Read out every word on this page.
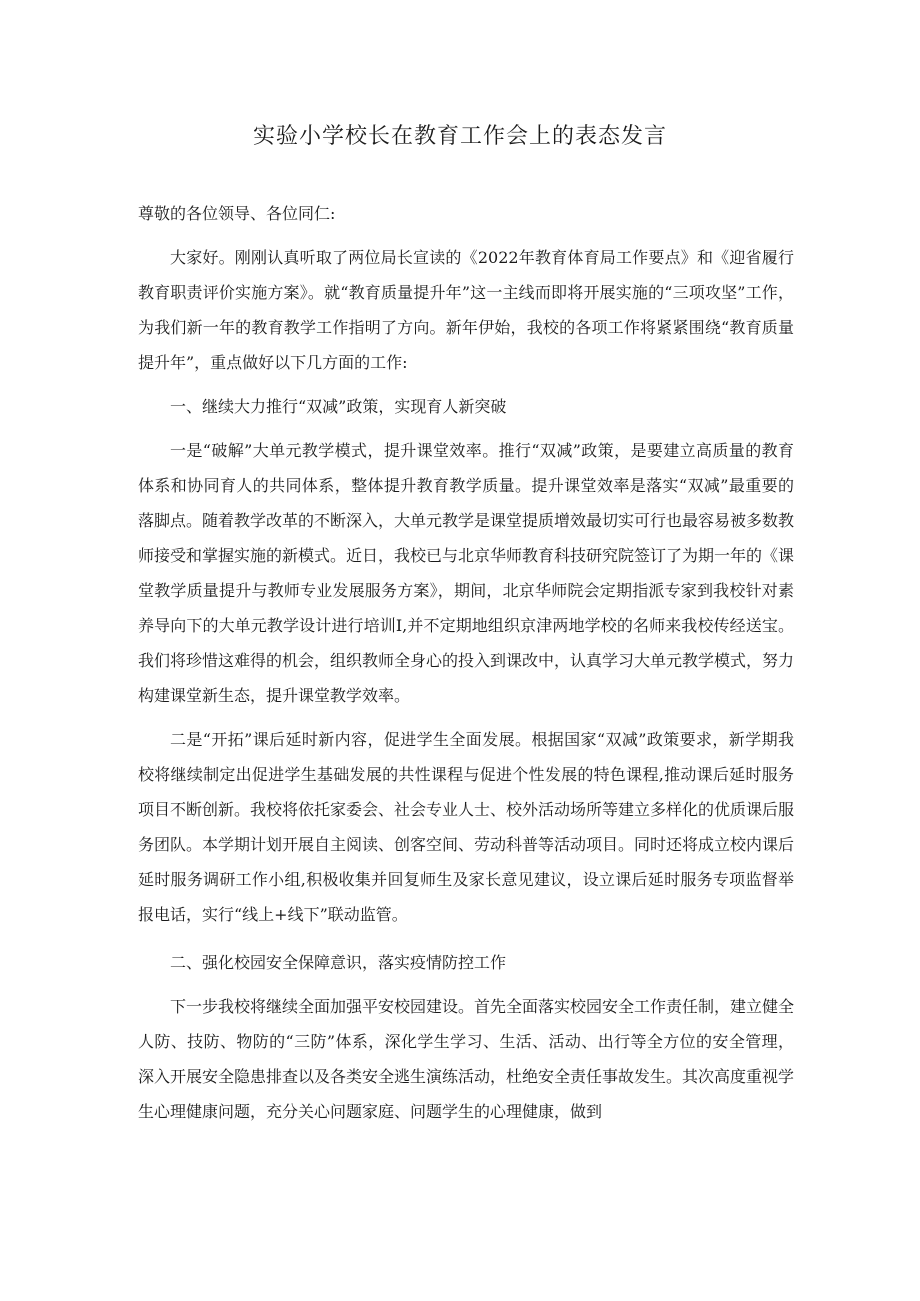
实验小学校长在教育工作会上的表态发言

尊敬的各位领导、各位同仁:

大家好。刚刚认真听取了两位局长宣读的《2022年教育体育局工作要点》和《迎省履行教育职责评价实施方案》。就“教育质量提升年”这一主线而即将开展实施的“三项攻坚”工作，为我们新一年的教育教学工作指明了方向。新年伊始，我校的各项工作将紧紧围绕“教育质量提升年”，重点做好以下几方面的工作:

一、继续大力推行“双减”政策，实现育人新突破

一是“破解”大单元教学模式，提升课堂效率。推行“双减”政策，是要建立高质量的教育体系和协同育人的共同体系，整体提升教育教学质量。提升课堂效率是落实“双减”最重要的落脚点。随着教学改革的不断深入，大单元教学是课堂提质增效最切实可行也最容易被多数教师接受和掌握实施的新模式。近日，我校已与北京华师教育科技研究院签订了为期一年的《课堂教学质量提升与教师专业发展服务方案》，期间，北京华师院会定期指派专家到我校针对素养导向下的大单元教学设计进行培训I,并不定期地组织京津两地学校的名师来我校传经送宝。我们将珍惜这难得的机会，组织教师全身心的投入到课改中，认真学习大单元教学模式，努力构建课堂新生态，提升课堂教学效率。

二是“开拓”课后延时新内容，促进学生全面发展。根据国家“双减”政策要求，新学期我校将继续制定出促进学生基础发展的共性课程与促进个性发展的特色课程,推动课后延时服务项目不断创新。我校将依托家委会、社会专业人士、校外活动场所等建立多样化的优质课后服务团队。本学期计划开展自主阅读、创客空间、劳动科普等活动项目。同时还将成立校内课后延时服务调研工作小组,积极收集并回复师生及家长意见建议，设立课后延时服务专项监督举报电话，实行“线上+线下”联动监管。

二、强化校园安全保障意识，落实疫情防控工作

下一步我校将继续全面加强平安校园建设。首先全面落实校园安全工作责任制，建立健全人防、技防、物防的“三防”体系，深化学生学习、生活、活动、出行等全方位的安全管理，深入开展安全隐患排查以及各类安全逃生演练活动，杜绝安全责任事故发生。其次高度重视学生心理健康问题，充分关心问题家庭、问题学生的心理健康，做到
